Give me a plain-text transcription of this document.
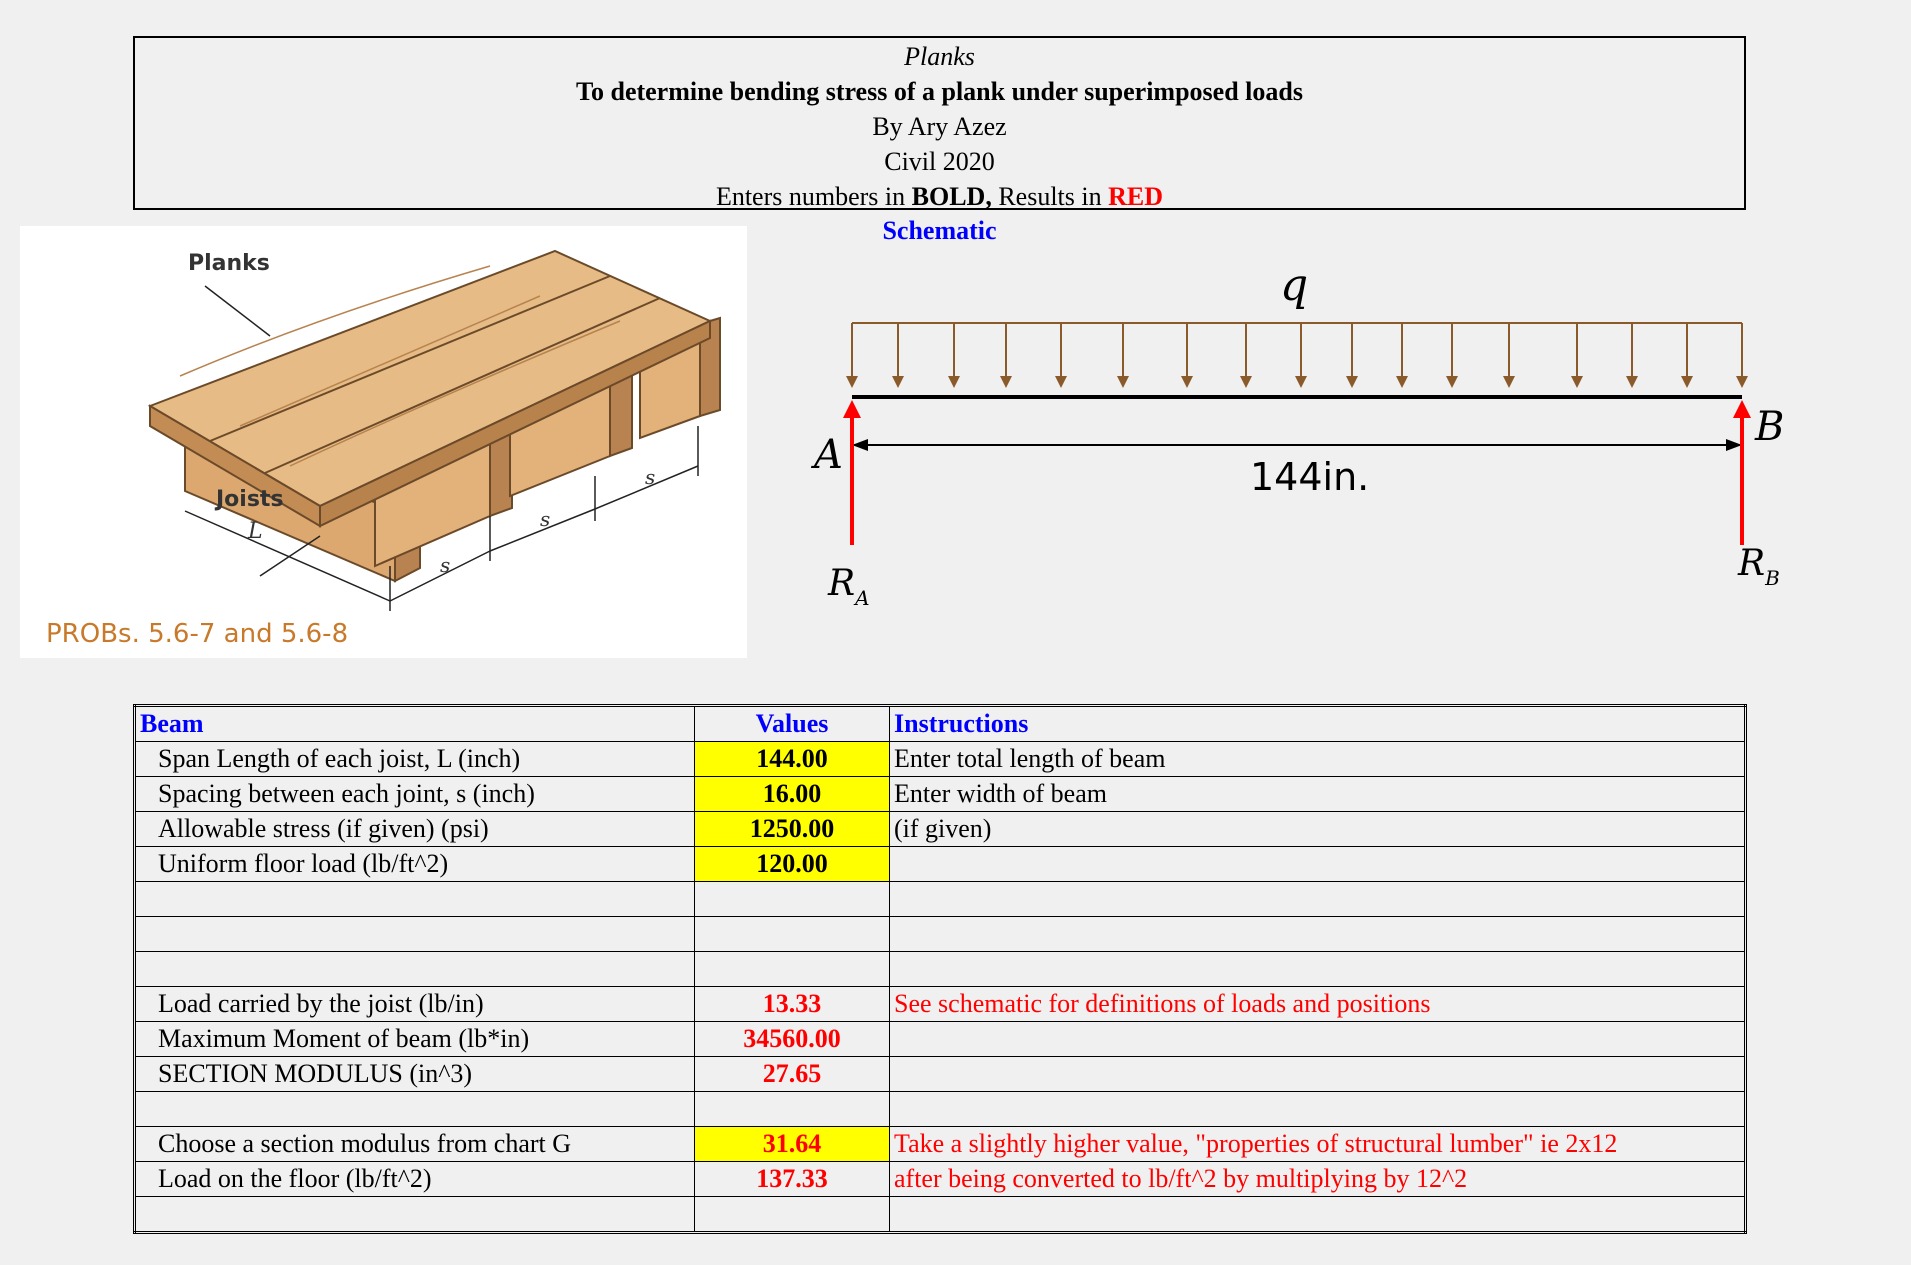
Planks
To determine bending stress of a plank under superimposed loads
By Ary Azez
Civil 2020
Enters numbers in BOLD, Results in RED
Schematic
Planks
Joists
L
s
s
s
PROBs. 5.6-7 and 5.6-8
q
144in.
A
B
$R_A$
$R_B$
Beam	Values	Instructions
Span Length of each joist, L (inch)	144.00	Enter total length of beam
Spacing between each joint, s (inch)	16.00	Enter width of beam
Allowable stress (if given) (psi)	1250.00	(if given)
Uniform floor load (lb/ft^2)	120.00	

Load carried by the joist (lb/in)	13.33	See schematic for definitions of loads and positions
Maximum Moment of beam (lb*in)	34560.00	
SECTION MODULUS (in^3)	27.65	

Choose a section modulus from chart G	31.64	Take a slightly higher value, "properties of structural lumber" ie 2x12
Load on the floor (lb/ft^2)	137.33	after being converted to lb/ft^2 by multiplying by 12^2
